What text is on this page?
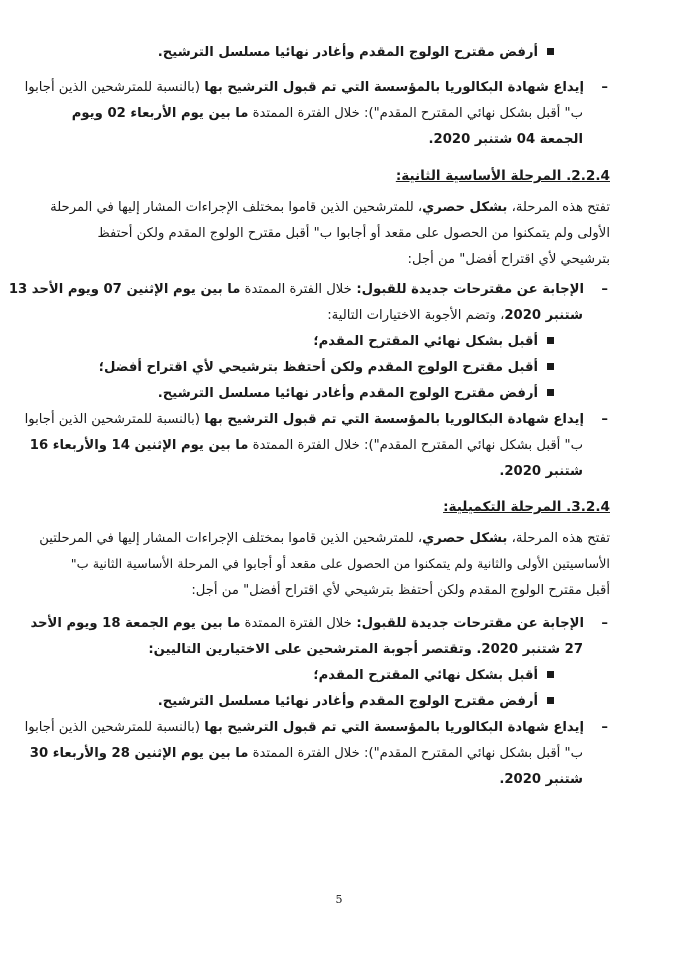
أرفض مقترح الولوج المقدم وأغادر نهائيا مسلسل الترشيح.
–إيداع شهادة البكالوريا بالمؤسسة التي تم قبول الترشيح بها (بالنسبة للمترشحين الذين أجابوا
ب" أقبل بشكل نهائي المقترح المقدم"): خلال الفترة الممتدة ما بين يوم الأربعاء 02 ويوم
الجمعة 04 شتنبر 2020.
2.2.4. المرحلة الأساسية الثانية:
تفتح هذه المرحلة، بشكل حصري، للمترشحين الذين قاموا بمختلف الإجراءات المشار إليها في المرحلة
الأولى ولم يتمكنوا من الحصول على مقعد أو أجابوا ب" أقبل مقترح الولوج المقدم ولكن أحتفظ
بترشيحي لأي اقتراح أفضل" من أجل:
–الإجابة عن مقترحات جديدة للقبول: خلال الفترة الممتدة ما بين يوم الإثنين 07 ويوم الأحد 13
شتنبر 2020، وتضم الأجوبة الاختيارات التالية:
أقبل بشكل نهائي المقترح المقدم؛
أقبل مقترح الولوج المقدم ولكن أحتفظ بترشيحي لأي اقتراح أفضل؛
أرفض مقترح الولوج المقدم وأغادر نهائيا مسلسل الترشيح.
–إيداع شهادة البكالوريا بالمؤسسة التي تم قبول الترشيح بها (بالنسبة للمترشحين الذين أجابوا
ب" أقبل بشكل نهائي المقترح المقدم"): خلال الفترة الممتدة ما بين يوم الإثنين 14 والأربعاء 16
شتنبر 2020.
3.2.4. المرحلة التكميلية:
تفتح هذه المرحلة، بشكل حصري، للمترشحين الذين قاموا بمختلف الإجراءات المشار إليها في المرحلتين
الأساسيتين الأولى والثانية ولم يتمكنوا من الحصول على مقعد أو أجابوا في المرحلة الأساسية الثانية ب"
أقبل مقترح الولوج المقدم ولكن أحتفظ بترشيحي لأي اقتراح أفضل" من أجل:
–الإجابة عن مقترحات جديدة للقبول: خلال الفترة الممتدة ما بين يوم الجمعة 18 ويوم الأحد
27 شتنبر 2020. وتقتصر أجوبة المترشحين على الاختيارين التاليين:
أقبل بشكل نهائي المقترح المقدم؛
أرفض مقترح الولوج المقدم وأغادر نهائيا مسلسل الترشيح.
–إيداع شهادة البكالوريا بالمؤسسة التي تم قبول الترشيح بها (بالنسبة للمترشحين الذين أجابوا
ب" أقبل بشكل نهائي المقترح المقدم"): خلال الفترة الممتدة ما بين يوم الإثنين 28 والأربعاء 30
شتنبر 2020.
5
